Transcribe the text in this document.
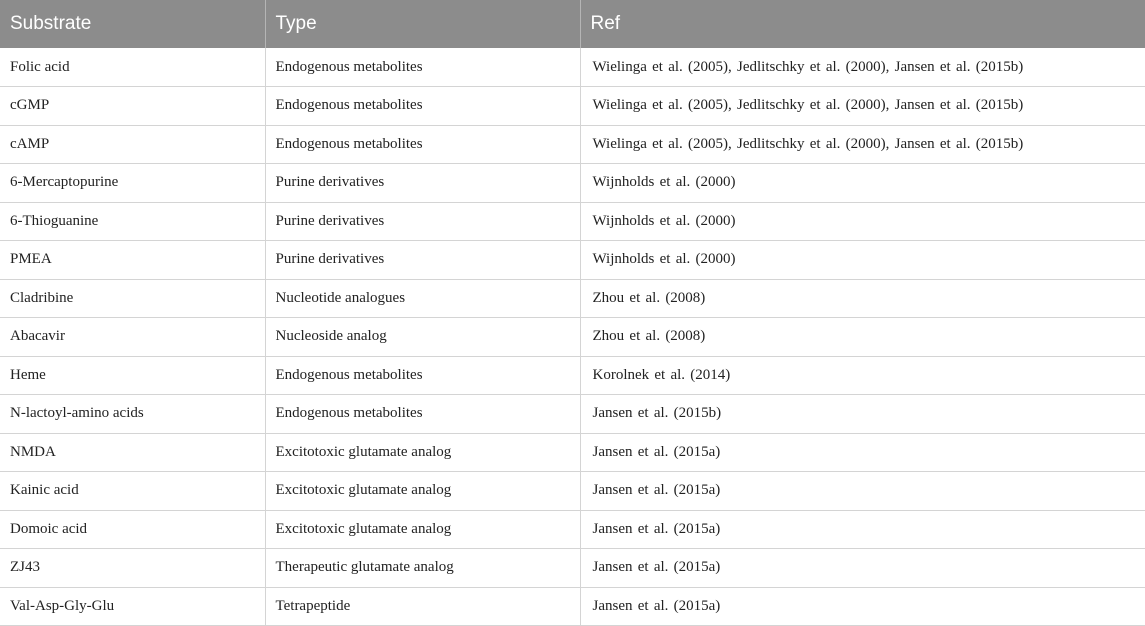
Substrate	Type	Ref
Folic acid	Endogenous metabolites	Wielinga et al. (2005), Jedlitschky et al. (2000), Jansen et al. (2015b)
cGMP	Endogenous metabolites	Wielinga et al. (2005), Jedlitschky et al. (2000), Jansen et al. (2015b)
cAMP	Endogenous metabolites	Wielinga et al. (2005), Jedlitschky et al. (2000), Jansen et al. (2015b)
6-Mercaptopurine	Purine derivatives	Wijnholds et al. (2000)
6-Thioguanine	Purine derivatives	Wijnholds et al. (2000)
PMEA	Purine derivatives	Wijnholds et al. (2000)
Cladribine	Nucleotide analogues	Zhou et al. (2008)
Abacavir	Nucleoside analog	Zhou et al. (2008)
Heme	Endogenous metabolites	Korolnek et al. (2014)
N-lactoyl-amino acids	Endogenous metabolites	Jansen et al. (2015b)
NMDA	Excitotoxic glutamate analog	Jansen et al. (2015a)
Kainic acid	Excitotoxic glutamate analog	Jansen et al. (2015a)
Domoic acid	Excitotoxic glutamate analog	Jansen et al. (2015a)
ZJ43	Therapeutic glutamate analog	Jansen et al. (2015a)
Val-Asp-Gly-Glu	Tetrapeptide	Jansen et al. (2015a)
